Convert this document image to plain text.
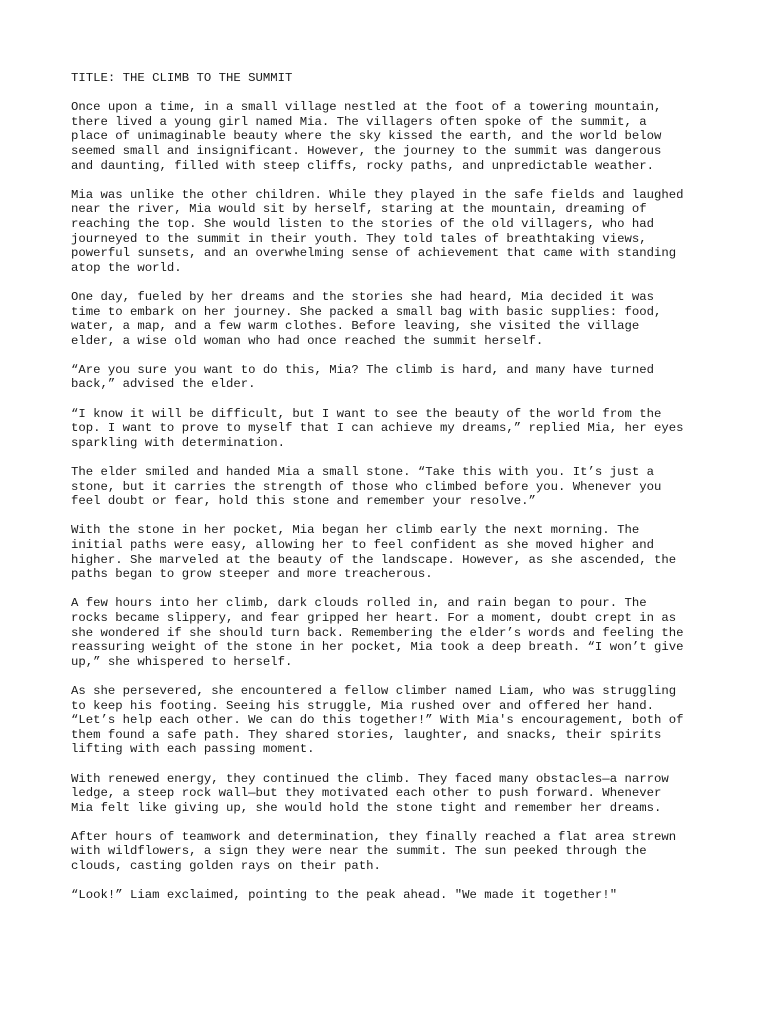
TITLE: THE CLIMB TO THE SUMMIT
Once upon a time, in a small village nestled at the foot of a towering mountain,
there lived a young girl named Mia. The villagers often spoke of the summit, a
place of unimaginable beauty where the sky kissed the earth, and the world below
seemed small and insignificant. However, the journey to the summit was dangerous
and daunting, filled with steep cliffs, rocky paths, and unpredictable weather.
Mia was unlike the other children. While they played in the safe fields and laughed
near the river, Mia would sit by herself, staring at the mountain, dreaming of
reaching the top. She would listen to the stories of the old villagers, who had
journeyed to the summit in their youth. They told tales of breathtaking views,
powerful sunsets, and an overwhelming sense of achievement that came with standing
atop the world.
One day, fueled by her dreams and the stories she had heard, Mia decided it was
time to embark on her journey. She packed a small bag with basic supplies: food,
water, a map, and a few warm clothes. Before leaving, she visited the village
elder, a wise old woman who had once reached the summit herself.
“Are you sure you want to do this, Mia? The climb is hard, and many have turned
back,” advised the elder.
“I know it will be difficult, but I want to see the beauty of the world from the
top. I want to prove to myself that I can achieve my dreams,” replied Mia, her eyes
sparkling with determination.
The elder smiled and handed Mia a small stone. “Take this with you. It’s just a
stone, but it carries the strength of those who climbed before you. Whenever you
feel doubt or fear, hold this stone and remember your resolve.”
With the stone in her pocket, Mia began her climb early the next morning. The
initial paths were easy, allowing her to feel confident as she moved higher and
higher. She marveled at the beauty of the landscape. However, as she ascended, the
paths began to grow steeper and more treacherous.
A few hours into her climb, dark clouds rolled in, and rain began to pour. The
rocks became slippery, and fear gripped her heart. For a moment, doubt crept in as
she wondered if she should turn back. Remembering the elder’s words and feeling the
reassuring weight of the stone in her pocket, Mia took a deep breath. “I won’t give
up,” she whispered to herself.
As she persevered, she encountered a fellow climber named Liam, who was struggling
to keep his footing. Seeing his struggle, Mia rushed over and offered her hand.
“Let’s help each other. We can do this together!” With Mia's encouragement, both of
them found a safe path. They shared stories, laughter, and snacks, their spirits
lifting with each passing moment.
With renewed energy, they continued the climb. They faced many obstacles—a narrow
ledge, a steep rock wall—but they motivated each other to push forward. Whenever
Mia felt like giving up, she would hold the stone tight and remember her dreams.
After hours of teamwork and determination, they finally reached a flat area strewn
with wildflowers, a sign they were near the summit. The sun peeked through the
clouds, casting golden rays on their path.
“Look!” Liam exclaimed, pointing to the peak ahead. "We made it together!"
